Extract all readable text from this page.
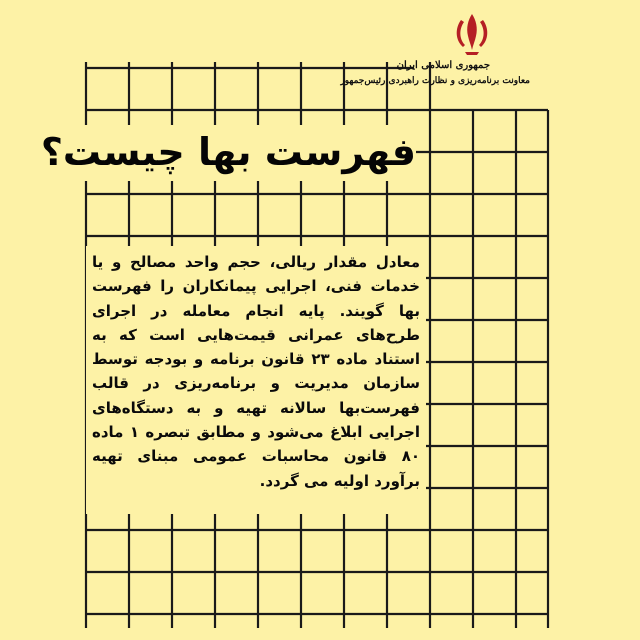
جمهوری اسلامی ایران
معاونت برنامه‌ریزی و نظارت راهبردی رئیس‌جمهور
فهرست بها چیست؟
معادل مقدار ریالی، حجم واحد مصالح و یا خدمات فنی، اجرایی پیمانکاران را فهرست بها گویند. پایه انجام معامله در اجرای طرح‌های عمرانی قیمت‌هایی است که به استناد ماده ۲۳ قانون برنامه و بودجه توسط سازمان مدیریت و برنامه‌ریزی در قالب فهرست‌بها سالانه تهیه و به دستگاه‌های اجرایی ابلاغ می‌شود و مطابق تبصره ۱ ماده ۸۰ قانون محاسبات عمومی مبنای تهیه برآورد اولیه می گردد.
